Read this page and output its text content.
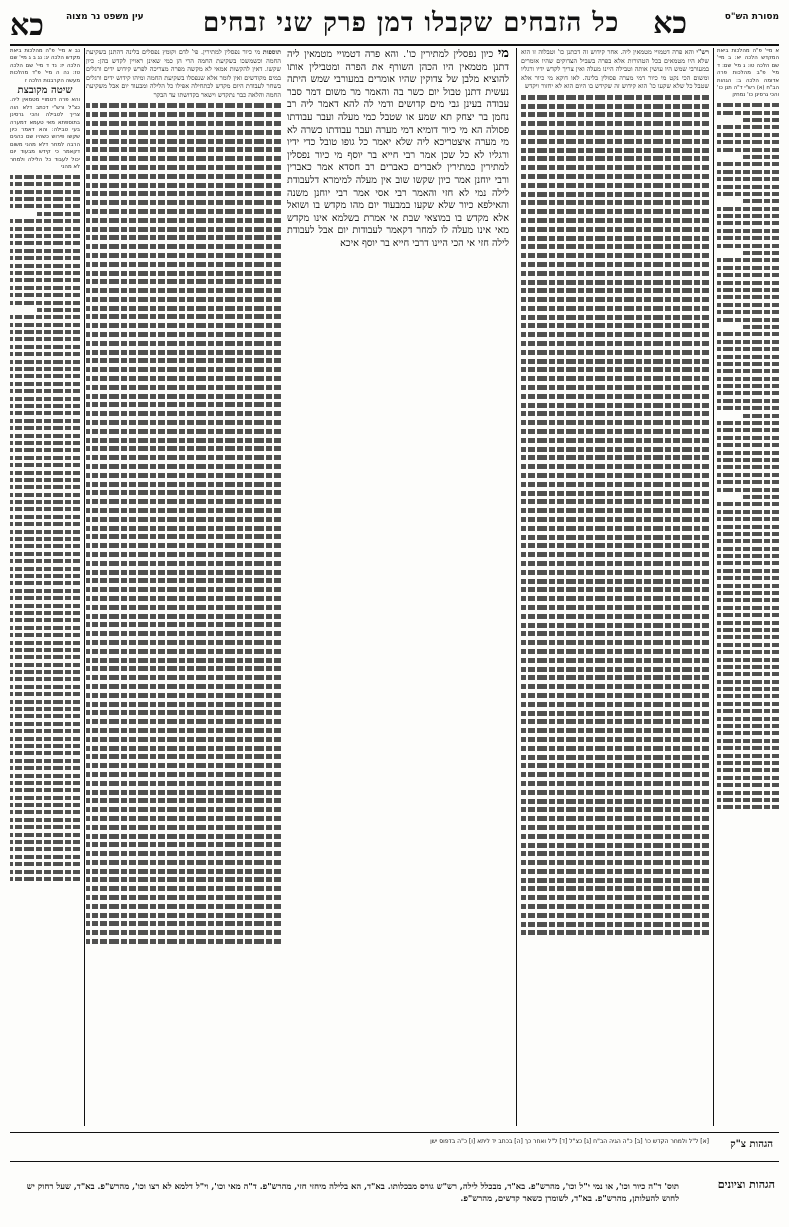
מסורת הש"ס
כא
כל הזבחים שקבלו דמן פרק שני זבחים
עין משפט נר מצוה
כא
א מיי' פ"ה מהלכות ביאת המקדש הלכה יא: ב מיי' שם הלכה טו: ג מיי' שם: ד מיי' פ"ב מהלכות פרה אדומה הלכה ב: הגהות הב"ח (א) רש"י ד"ה תנן כו' והכי גרסינן כו' נמחק
רש"י והא פרה דטמויי מטמאין ליה. אחר קידוש זה דכתנן כו' וטבלוה זו הוא שלא היו מטמאים בכל הטהורות אלא בפרה בשביל הצדוקים שהיו אומרים במעורבי שמש היו עושין אותה וטבילה היינו מעלה ואין צריך לקדש ידיו ורגליו ומשום הכי נקט מי כיור דמי מערה פסולין בלינה. לאו דוקא מי כיור אלא שטבל כל שלא שקעו כו' הוא קידוש זה שקידש בו היום הוא לא יחזור ויקדש
מי כיון נפסלין למתירין כו'. והא פרה דטמויי מטמאין ליה דתנן מטמאין היו הכהן השורף את הפרה ומטבילין אותו להוציא מלבן של צדוקין שהיו אומרים במעורבי שמש היתה נעשית דתנן טבול יום כשר בה והאמר מר משום דמר סבר עבודה בעינן גבי מים קדושים ודמי לה להא דאמר ליה רב נחמן בר יצחק תא שמע או שטבל כמי מעלה ועבר עבודתו פסולה הא מי כיור דומיא דמי מערה ועבר עבודתו כשרה לא מי מערה איצטריכא ליה שלא יאמר כל גופו טובל כדי ידיו ורגליו לא כל שכן אמר רבי חייא בר יוסף מי כיור נפסלין למתירין כמתירין לאברים כאברים רב חסדא אמר כאברין ורבי יוחנן אמר כיון שקשו שוב אין מעלה למימרא דלעבודת לילה נמי לא חזי והאמר רבי אסי אמר רבי יוחנן משנה והאילפא כיור שלא שקעו במבעוד יום מהו מקדש בו ושואל אלא מקדש בו במוצאי שבת אי אמרת בשלמא אינו מקדש מאי אינו מעלה לו למחר דקאמר לעבודות יום אבל לעבודת לילה חזי אי הכי היינו דרבי חייא בר יוסף איכא
תוספות מי כיור נפסלין למתירין. פי' לדם וקומץ נפסלים בלינה דהתנן בשקיעת החמה וכשמשכו בשקיעת החמה הרי הן כמי שאינן ראויין לקדש בהן: כיון שקשו. דאין להקשות אמאי לא מקשה מפרה מצריכה לפרש קידוש ידים ורגלים במים מקודשים ואין לומר אלא שנפסלו בשקיעת החמה ומיהו קידוש ידים ורגלים בשחר לעבודת היום מקדש לכתחילה אפילו כל הלילה ומבעוד יום אבל משקיעת החמה והלאה כבר נתקדש וישאר בקדושתו עד הבקר
נב א מיי' פ"ה מהלכות ביאת מקדש הלכה יג: נג ב ג מיי' שם הלכה יז: נד ד מיי' שם הלכה טז: נה ה מיי' פ"ד מהלכות מעשה הקרבנות הלכה ז
שיטה מקובצת
והא פרה דטמויי מטמאין ליה. כצ"ל ורש"י דכתב דלא הוה צריך לטבילה והכי גרסינן בתוספתא מאי טעמא דמערה בעי טבילה: והא דאמר כיון שקשו פירוש כשהיו שם כהנים הרבה למחר דלא מהני משום דקאמר כי קידש מבעוד יום יכול לעבוד כל הלילה ולמחר לא מהני
הגהות צ"ק
[א] ל"ל ולמחר הקדש כו' [ב] כ"ה הגיה הב"ח [ג] כצ"ל [ד] ל"ל ואחר כך [ה] בכתב יד ליתא [ו] כ"ה בדפוס ישן
הגהות וציונים
תוס' ד"ה כיור וכו', או נמי י"ל וכו', מהרש"פ. בא"ד, מבכלל לילה, רש"ש גורס מבכלותו. בא"ד, הא בלילה מיחזי חזי, מהרש"פ. ד"ה מאי וכו', וי"ל דלמא לא רצו וכו', מהרש"פ. בא"ד, שעל רחוק יש לחוש להעלותן, מהרש"פ. בא"ד, לשומרן כשאר קדשים, מהרש"פ.
